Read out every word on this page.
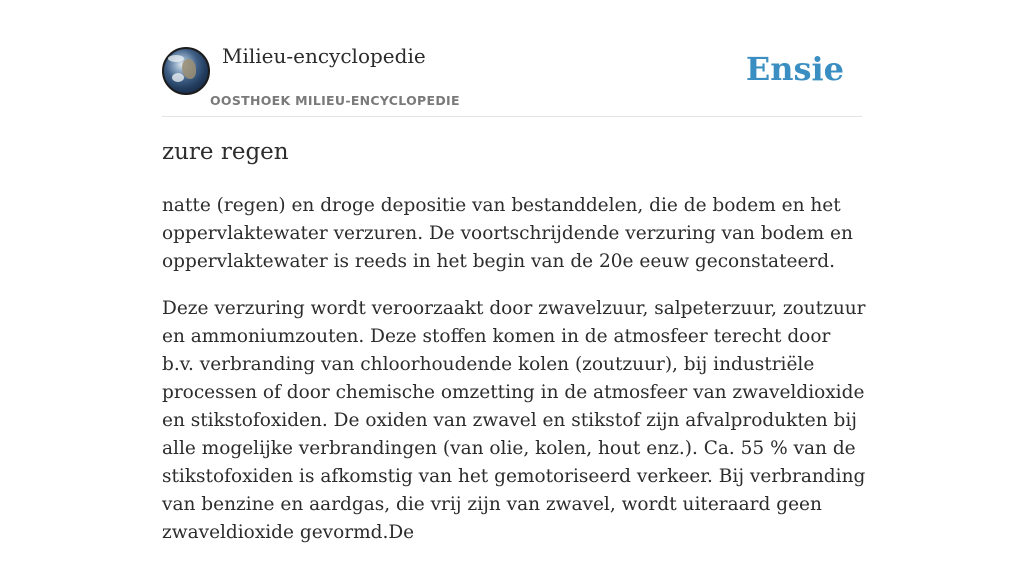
Milieu-encyclopedie
OOSTHOEK MILIEU-ENCYCLOPEDIE
Ensie
zure regen

natte (regen) en droge depositie van bestanddelen, die de bodem en het oppervlaktewater verzuren. De voortschrijdende verzuring van bodem en oppervlaktewater is reeds in het begin van de 20e eeuw geconstateerd.

Deze verzuring wordt veroorzaakt door zwavelzuur, salpeterzuur, zoutzuur en ammoniumzouten. Deze stoffen komen in de atmosfeer terecht door b.v. verbranding van chloorhoudende kolen (zoutzuur), bij industriële processen of door chemische omzetting in de atmosfeer van zwaveldioxide en stikstofoxiden. De oxiden van zwavel en stikstof zijn afvalprodukten bij alle mogelijke verbrandingen (van olie, kolen, hout enz.). Ca. 55 % van de stikstofoxiden is afkomstig van het gemotoriseerd verkeer. Bij verbranding van benzine en aardgas, die vrij zijn van zwavel, wordt uiteraard geen zwaveldioxide gevormd.De
